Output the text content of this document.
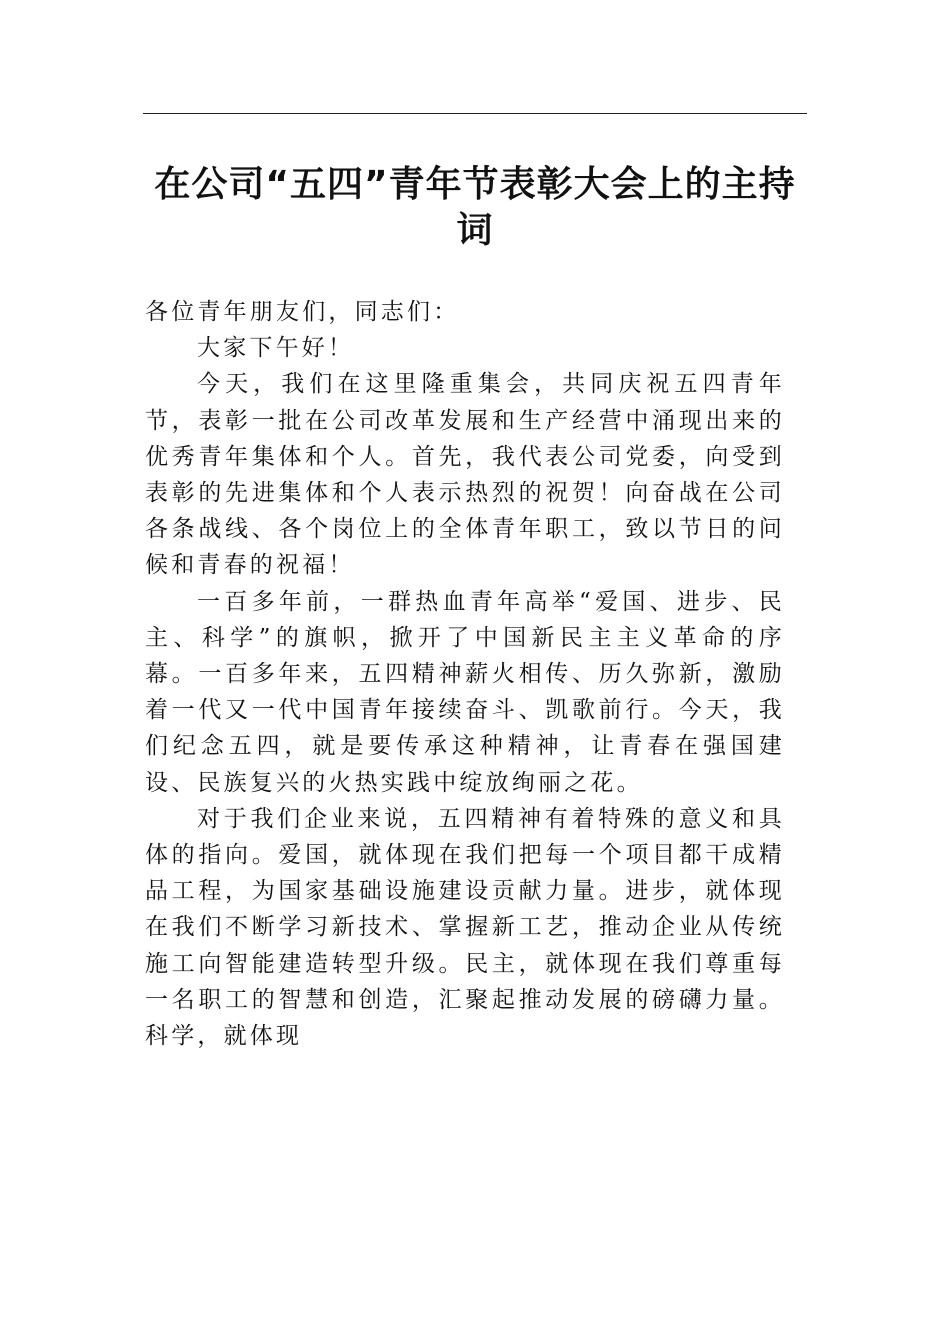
在公司“五四”青年节表彰大会上的主持词

各位青年朋友们，同志们：

大家下午好！

今天，我们在这里隆重集会，共同庆祝五四青年节，表彰一批在公司改革发展和生产经营中涌现出来的优秀青年集体和个人。首先，我代表公司党委，向受到表彰的先进集体和个人表示热烈的祝贺！向奋战在公司各条战线、各个岗位上的全体青年职工，致以节日的问候和青春的祝福！

一百多年前，一群热血青年高举“爱国、进步、民主、科学”的旗帜，掀开了中国新民主主义革命的序幕。一百多年来，五四精神薪火相传、历久弥新，激励着一代又一代中国青年接续奋斗、凯歌前行。今天，我们纪念五四，就是要传承这种精神，让青春在强国建设、民族复兴的火热实践中绽放绚丽之花。

对于我们企业来说，五四精神有着特殊的意义和具体的指向。爱国，就体现在我们把每一个项目都干成精品工程，为国家基础设施建设贡献力量。进步，就体现在我们不断学习新技术、掌握新工艺，推动企业从传统施工向智能建造转型升级。民主，就体现在我们尊重每一名职工的智慧和创造，汇聚起推动发展的磅礴力量。科学，就体现
